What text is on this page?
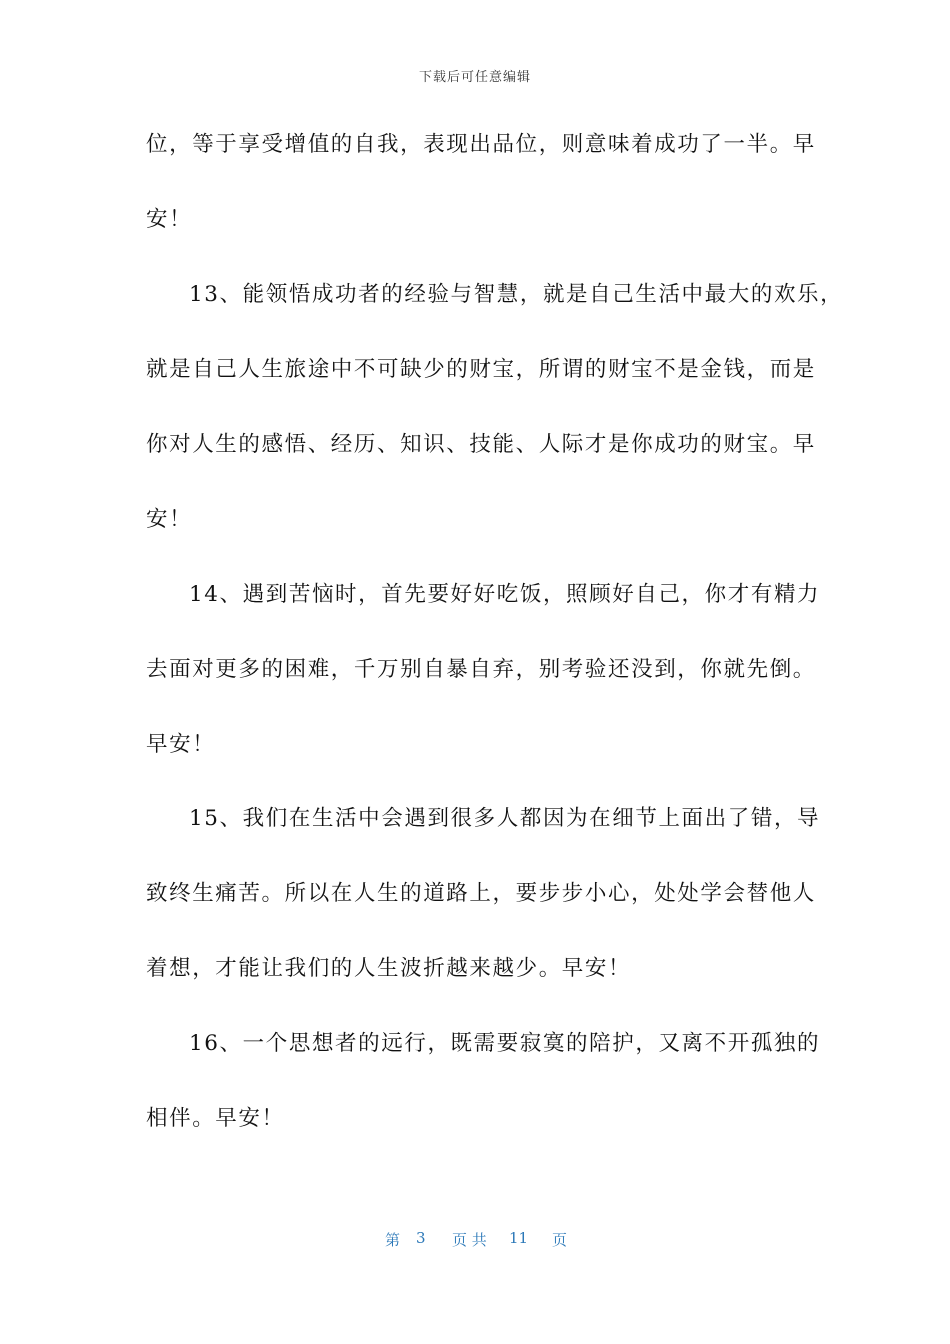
下载后可任意编辑
位，等于享受增值的自我，表现出品位，则意味着成功了一半。早
安！
13、能领悟成功者的经验与智慧，就是自己生活中最大的欢乐，
就是自己人生旅途中不可缺少的财宝，所谓的财宝不是金钱，而是
你对人生的感悟、经历、知识、技能、人际才是你成功的财宝。早
安！
14、遇到苦恼时，首先要好好吃饭，照顾好自己，你才有精力
去面对更多的困难，千万别自暴自弃，别考验还没到，你就先倒。
早安！
15、我们在生活中会遇到很多人都因为在细节上面出了错，导
致终生痛苦。所以在人生的道路上，要步步小心，处处学会替他人
着想，才能让我们的人生波折越来越少。早安！
16、一个思想者的远行，既需要寂寞的陪护，又离不开孤独的
相伴。早安！
第 3 页 共 11 页
